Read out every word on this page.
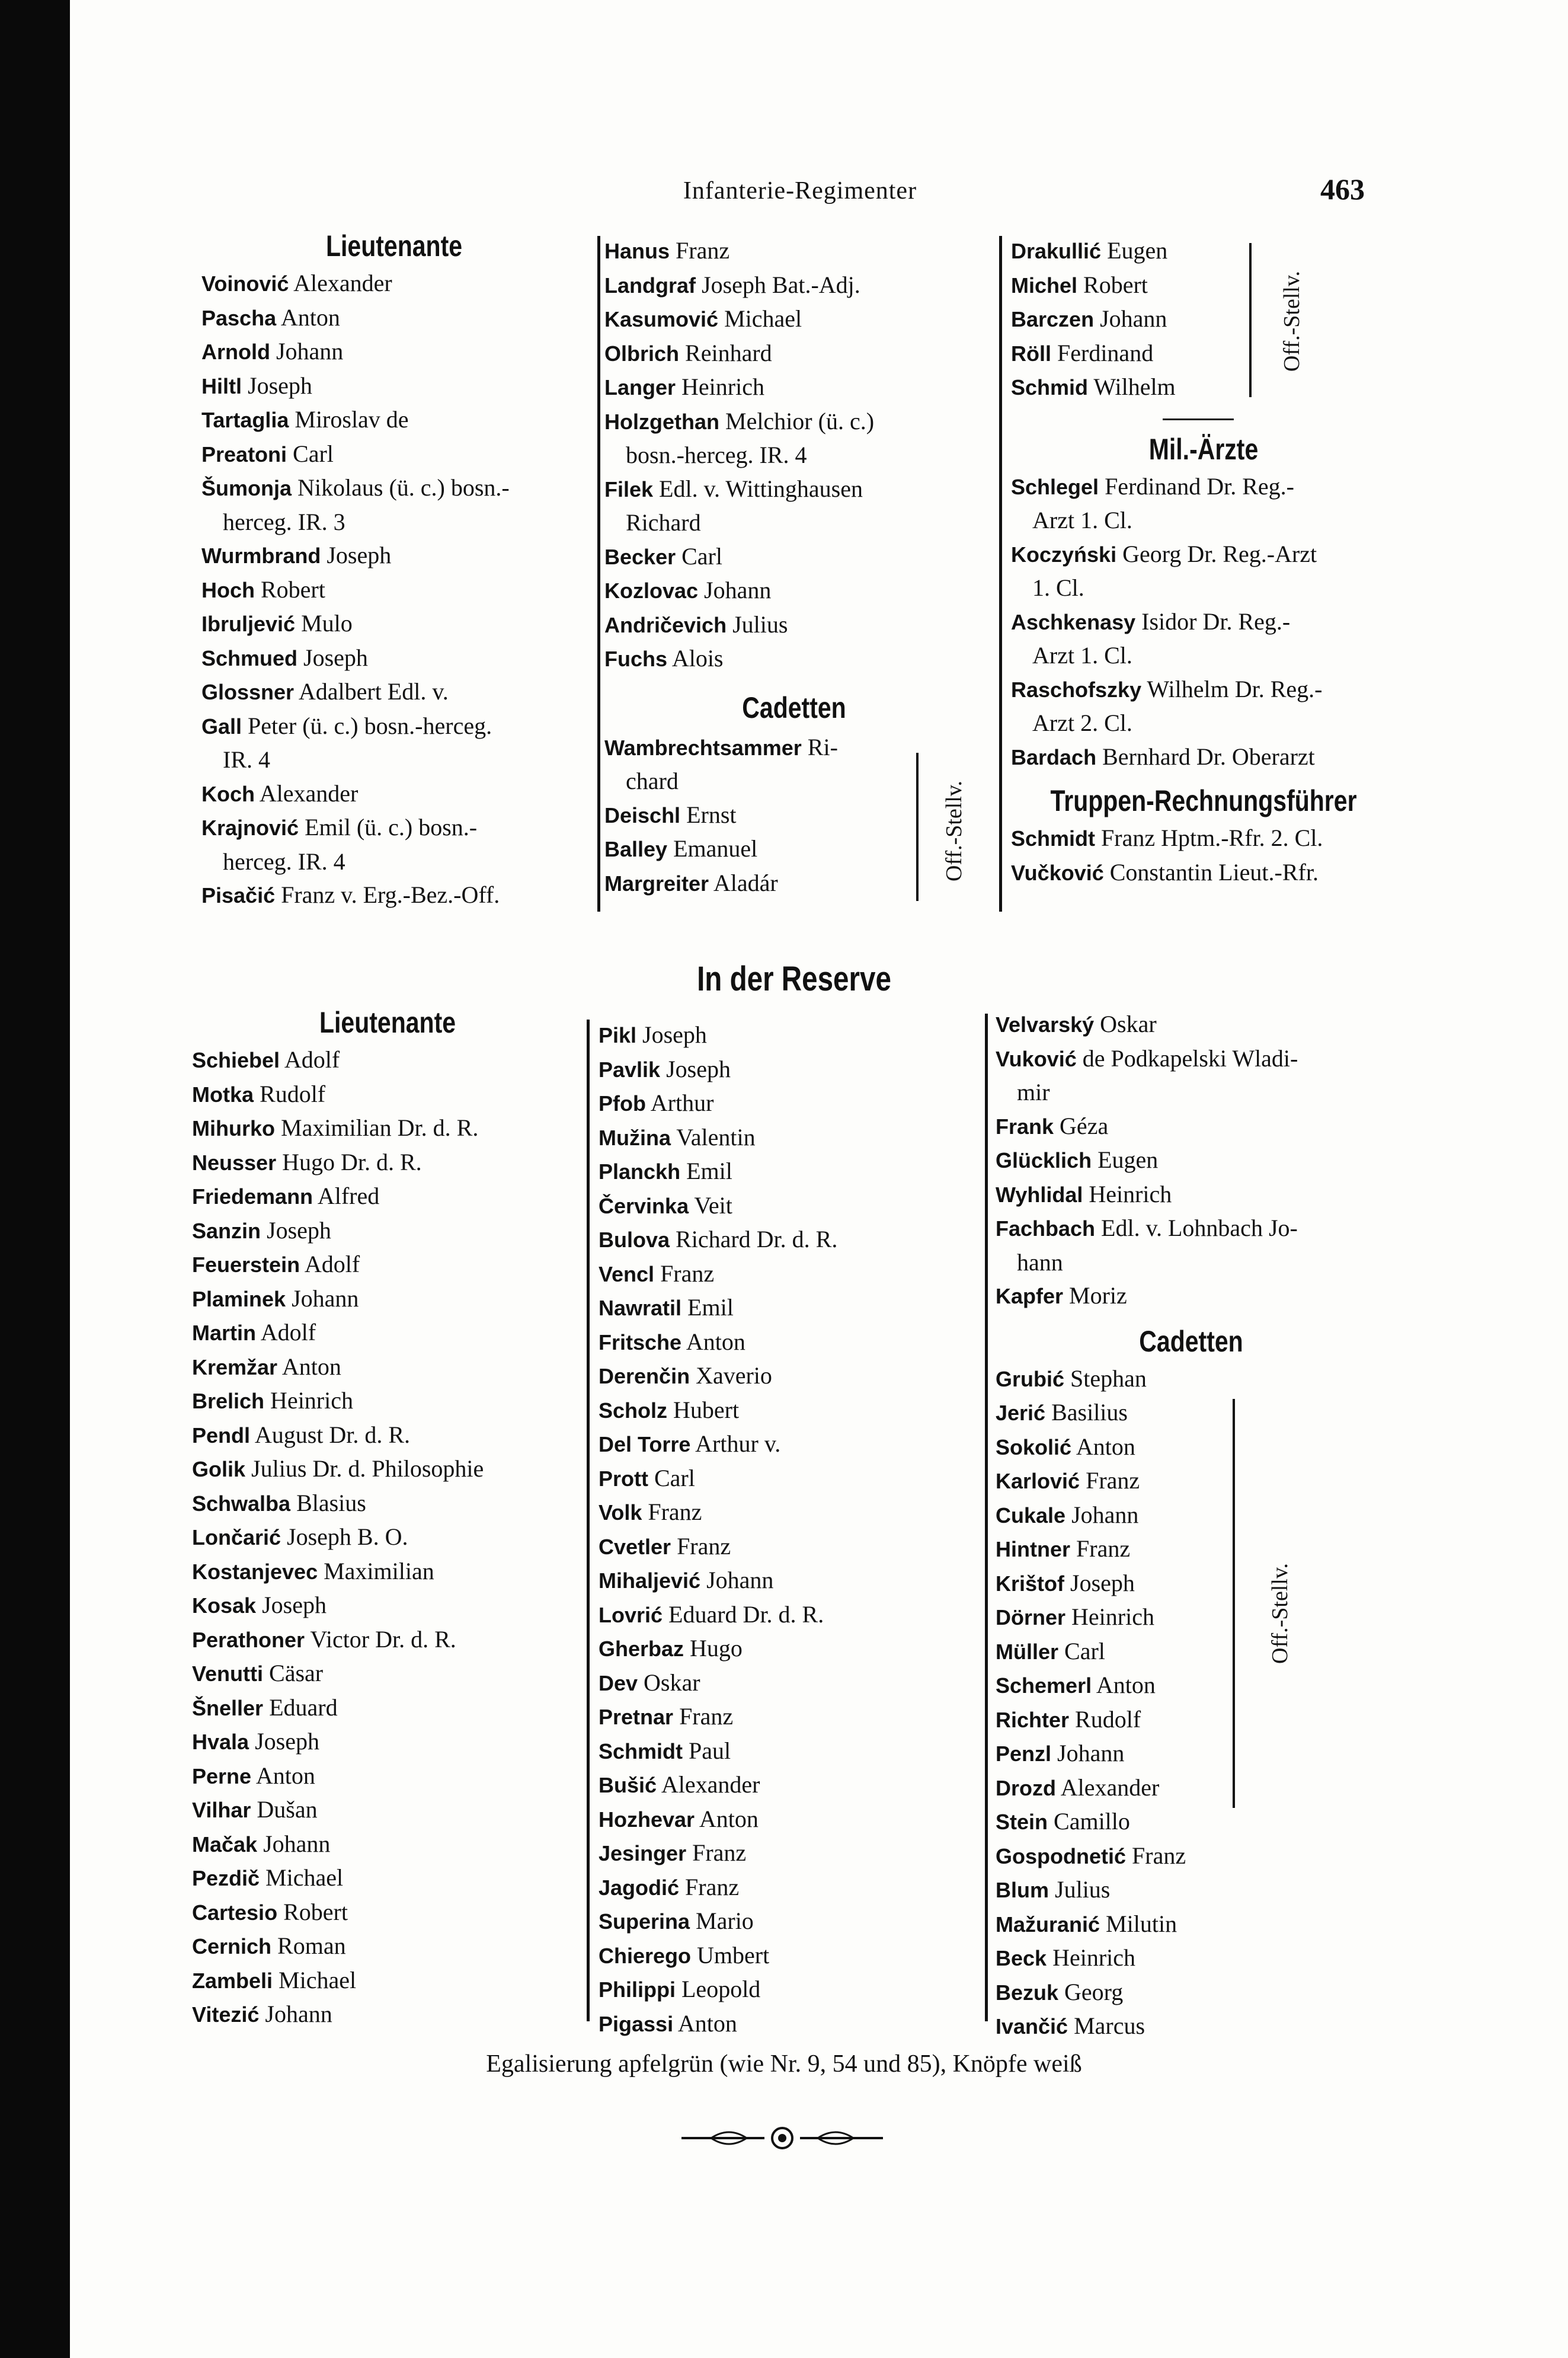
Infanterie-Regimenter	463
Lieutenante
Voinović Alexander
Pascha Anton
Arnold Johann
Hiltl Joseph
Tartaglia Miroslav de
Preatoni Carl
Šumonja Nikolaus (ü. c.) bosn.-
herceg. IR. 3
Wurmbrand Joseph
Hoch Robert
Ibruljević Mulo
Schmued Joseph
Glossner Adalbert Edl. v.
Gall Peter (ü. c.) bosn.-herceg.
IR. 4
Koch Alexander
Krajnović Emil (ü. c.) bosn.-
herceg. IR. 4
Pisačić Franz v. Erg.-Bez.-Off.
Hanus Franz
Landgraf Joseph Bat.-Adj.
Kasumović Michael
Olbrich Reinhard
Langer Heinrich
Holzgethan Melchior (ü. c.)
bosn.-herceg. IR. 4
Filek Edl. v. Wittinghausen
Richard
Becker Carl
Kozlovac Johann
Andričevich Julius
Fuchs Alois
Cadetten
Wambrechtsammer Ri-
chard
Deischl Ernst
Balley Emanuel
Margreiter Aladár
Off.-Stellv.
Drakullić Eugen
Michel Robert
Barczen Johann
Röll Ferdinand
Schmid Wilhelm
Mil.-Ärzte
Schlegel Ferdinand Dr. Reg.-
Arzt 1. Cl.
Koczyński Georg Dr. Reg.-Arzt
1. Cl.
Aschkenasy Isidor Dr. Reg.-
Arzt 1. Cl.
Raschofszky Wilhelm Dr. Reg.-
Arzt 2. Cl.
Bardach Bernhard Dr. Oberarzt
Truppen-Rechnungsführer
Schmidt Franz Hptm.-Rfr. 2. Cl.
Vučković Constantin Lieut.-Rfr.
Off.-Stellv.
In der Reserve
Lieutenante
Schiebel Adolf
Motka Rudolf
Mihurko Maximilian Dr. d. R.
Neusser Hugo Dr. d. R.
Friedemann Alfred
Sanzin Joseph
Feuerstein Adolf
Plaminek Johann
Martin Adolf
Kremžar Anton
Brelich Heinrich
Pendl August Dr. d. R.
Golik Julius Dr. d. Philosophie
Schwalba Blasius
Lončarić Joseph B. O.
Kostanjevec Maximilian
Kosak Joseph
Perathoner Victor Dr. d. R.
Venutti Cäsar
Šneller Eduard
Hvala Joseph
Perne Anton
Vilhar Dušan
Mačak Johann
Pezdič Michael
Cartesio Robert
Cernich Roman
Zambeli Michael
Vitezić Johann
Pikl Joseph
Pavlik Joseph
Pfob Arthur
Mužina Valentin
Planckh Emil
Červinka Veit
Bulova Richard Dr. d. R.
Vencl Franz
Nawratil Emil
Fritsche Anton
Derenčin Xaverio
Scholz Hubert
Del Torre Arthur v.
Prott Carl
Volk Franz
Cvetler Franz
Mihaljević Johann
Lovrić Eduard Dr. d. R.
Gherbaz Hugo
Dev Oskar
Pretnar Franz
Schmidt Paul
Bušić Alexander
Hozhevar Anton
Jesinger Franz
Jagodić Franz
Superina Mario
Chierego Umbert
Philippi Leopold
Pigassi Anton
Velvarský Oskar
Vuković de Podkapelski Wladi-
mir
Frank Géza
Glücklich Eugen
Wyhlidal Heinrich
Fachbach Edl. v. Lohnbach Jo-
hann
Kapfer Moriz
Cadetten
Grubić Stephan
Jerić Basilius
Sokolić Anton
Karlović Franz
Cukale Johann
Hintner Franz
Krištof Joseph
Dörner Heinrich
Müller Carl
Schemerl Anton
Richter Rudolf
Penzl Johann
Drozd Alexander
Stein Camillo
Gospodnetić Franz
Blum Julius
Mažuranić Milutin
Beck Heinrich
Bezuk Georg
Ivančić Marcus
Off.-Stellv.
Egalisierung apfelgrün (wie Nr. 9, 54 und 85), Knöpfe weiß
